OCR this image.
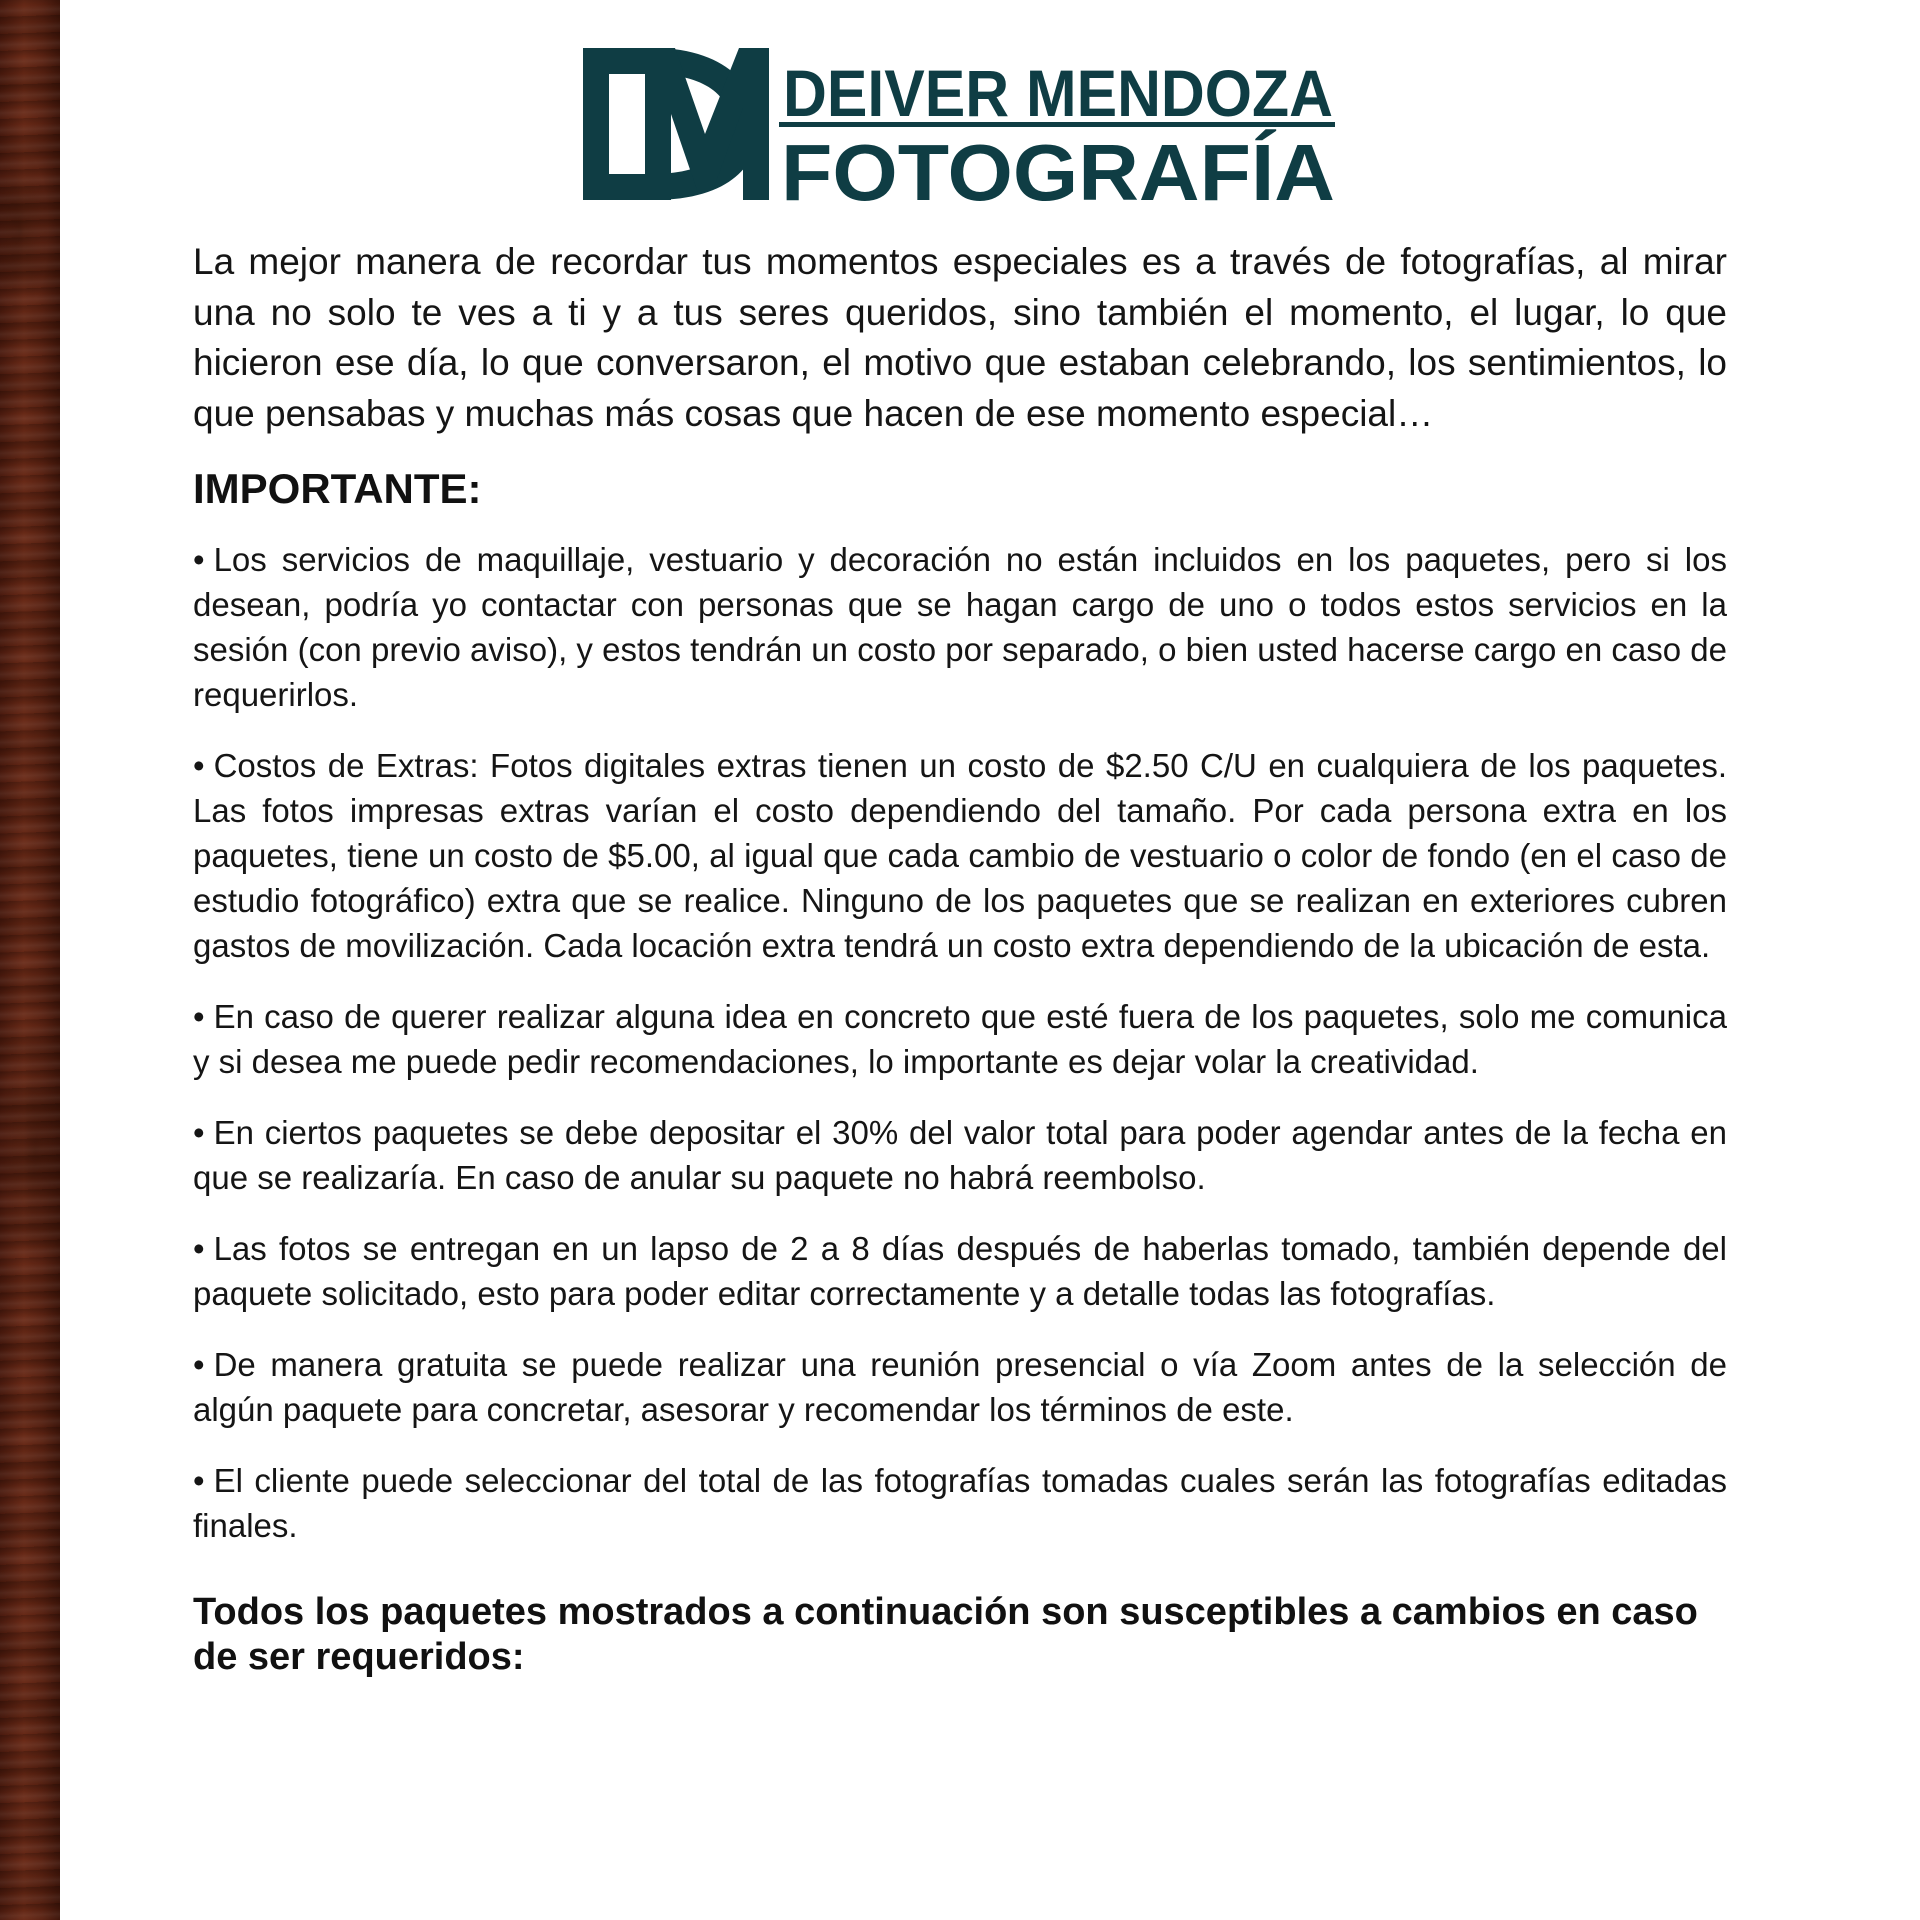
DEIVER MENDOZA
FOTOGRAFÍA

La mejor manera de recordar tus momentos especiales es a través de fotografías, al mirar una no solo te ves a ti y a tus seres queridos, sino también el momento, el lugar, lo que hicieron ese día, lo que conversaron, el motivo que estaban celebrando, los sentimientos, lo que pensabas y muchas más cosas que hacen de ese momento especial…

IMPORTANTE:
• Los servicios de maquillaje, vestuario y decoración no están incluidos en los paquetes, pero si los desean, podría yo contactar con personas que se hagan cargo de uno o todos estos servicios en la sesión (con previo aviso), y estos tendrán un costo por separado, o bien usted hacerse cargo en caso de requerirlos.
• Costos de Extras: Fotos digitales extras tienen un costo de $2.50 C/U en cualquiera de los paquetes. Las fotos impresas extras varían el costo dependiendo del tamaño. Por cada persona extra en los paquetes, tiene un costo de $5.00, al igual que cada cambio de vestuario o color de fondo (en el caso de estudio fotográfico) extra que se realice. Ninguno de los paquetes que se realizan en exteriores cubren gastos de movilización. Cada locación extra tendrá un costo extra dependiendo de la ubicación de esta.
• En caso de querer realizar alguna idea en concreto que esté fuera de los paquetes, solo me comunica y si desea me puede pedir recomendaciones, lo importante es dejar volar la creatividad.
• En ciertos paquetes se debe depositar el 30% del valor total para poder agendar antes de la fecha en que se realizaría. En caso de anular su paquete no habrá reembolso.
• Las fotos se entregan en un lapso de 2 a 8 días después de haberlas tomado, también depende del paquete solicitado, esto para poder editar correctamente y a detalle todas las fotografías.
• De manera gratuita se puede realizar una reunión presencial o vía Zoom antes de la selección de algún paquete para concretar, asesorar y recomendar los términos de este.
• El cliente puede seleccionar del total de las fotografías tomadas cuales serán las fotografías editadas finales.

Todos los paquetes mostrados a continuación son susceptibles a cambios en caso de ser requeridos:
